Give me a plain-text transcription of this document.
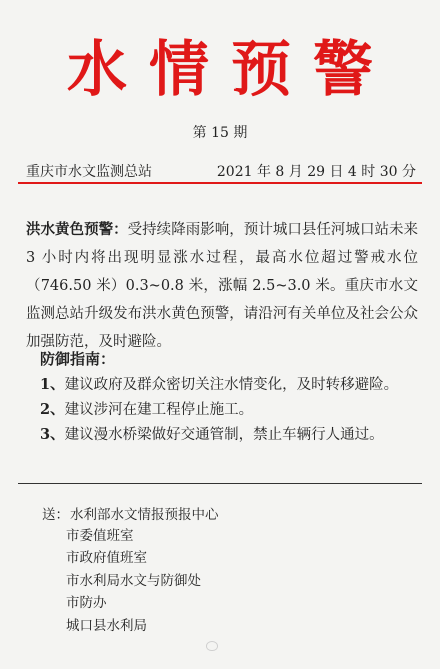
水情预警
第 15 期
重庆市水文监测总站	2021 年 8 月 29 日 4 时 30 分
洪水黄色预警：受持续降雨影响，预计城口县任河城口站未来 3 小时内将出现明显涨水过程，最高水位超过警戒水位（746.50 米）0.3~0.8 米，涨幅 2.5~3.0 米。重庆市水文监测总站升级发布洪水黄色预警，请沿河有关单位及社会公众加强防范，及时避险。
防御指南：
1、建议政府及群众密切关注水情变化，及时转移避险。
2、建议涉河在建工程停止施工。
3、建议漫水桥梁做好交通管制，禁止车辆行人通过。
送： 水利部水文情报预报中心
市委值班室
市政府值班室
市水利局水文与防御处
市防办
城口县水利局
